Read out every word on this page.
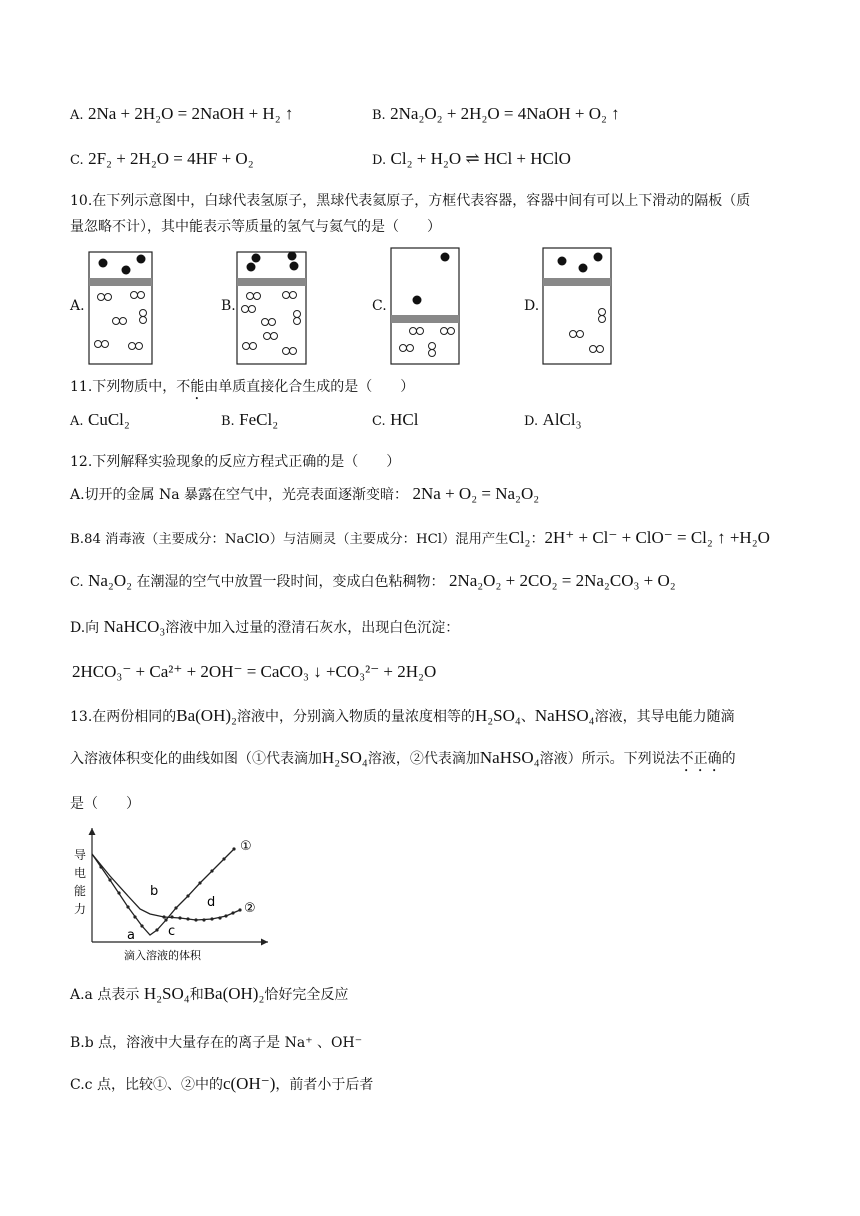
A. 2Na + 2H₂O = 2NaOH + H₂ ↑	B. 2Na₂O₂ + 2H₂O = 4NaOH + O₂ ↑
C. 2F₂ + 2H₂O = 4HF + O₂	D. Cl₂ + H₂O ⇌ HCl + HClO
10.在下列示意图中，白球代表氢原子，黑球代表氦原子，方框代表容器，容器中间有可以上下滑动的隔板（质
量忽略不计），其中能表示等质量的氢气与氦气的是（　　）
A.	B.	C.	D.
11.下列物质中，不能由单质直接化合生成的是（　　）
A. CuCl₂	B. FeCl₂	C. HCl	D. AlCl₃
12.下列解释实验现象的反应方程式正确的是（　　）
A.切开的金属 Na 暴露在空气中，光亮表面逐渐变暗： 2Na + O₂ = Na₂O₂
B.84 消毒液（主要成分：NaClO）与洁厕灵（主要成分：HCl）混用产生Cl₂：2H⁺ + Cl⁻ + ClO⁻ = Cl₂ ↑ +H₂O
C. Na₂O₂ 在潮湿的空气中放置一段时间，变成白色粘稠物： 2Na₂O₂ + 2CO₂ = 2Na₂CO₃ + O₂
D.向 NaHCO₃溶液中加入过量的澄清石灰水，出现白色沉淀：
2HCO₃⁻ + Ca²⁺ + 2OH⁻ = CaCO₃ ↓ +CO₃²⁻ + 2H₂O
13.在两份相同的Ba(OH)₂溶液中，分别滴入物质的量浓度相等的H₂SO₄、NaHSO₄溶液，其导电能力随滴
入溶液体积变化的曲线如图（①代表滴加H₂SO₄溶液，②代表滴加NaHSO₄溶液）所示。下列说法不正确的
是（　　）
导
电
能
力
①
②
a
b
c
d
滴入溶液的体积
A.a 点表示 H₂SO₄和Ba(OH)₂恰好完全反应
B.b 点，溶液中大量存在的离子是 Na⁺ 、OH⁻
C.c 点，比较①、②中的c(OH⁻)，前者小于后者
